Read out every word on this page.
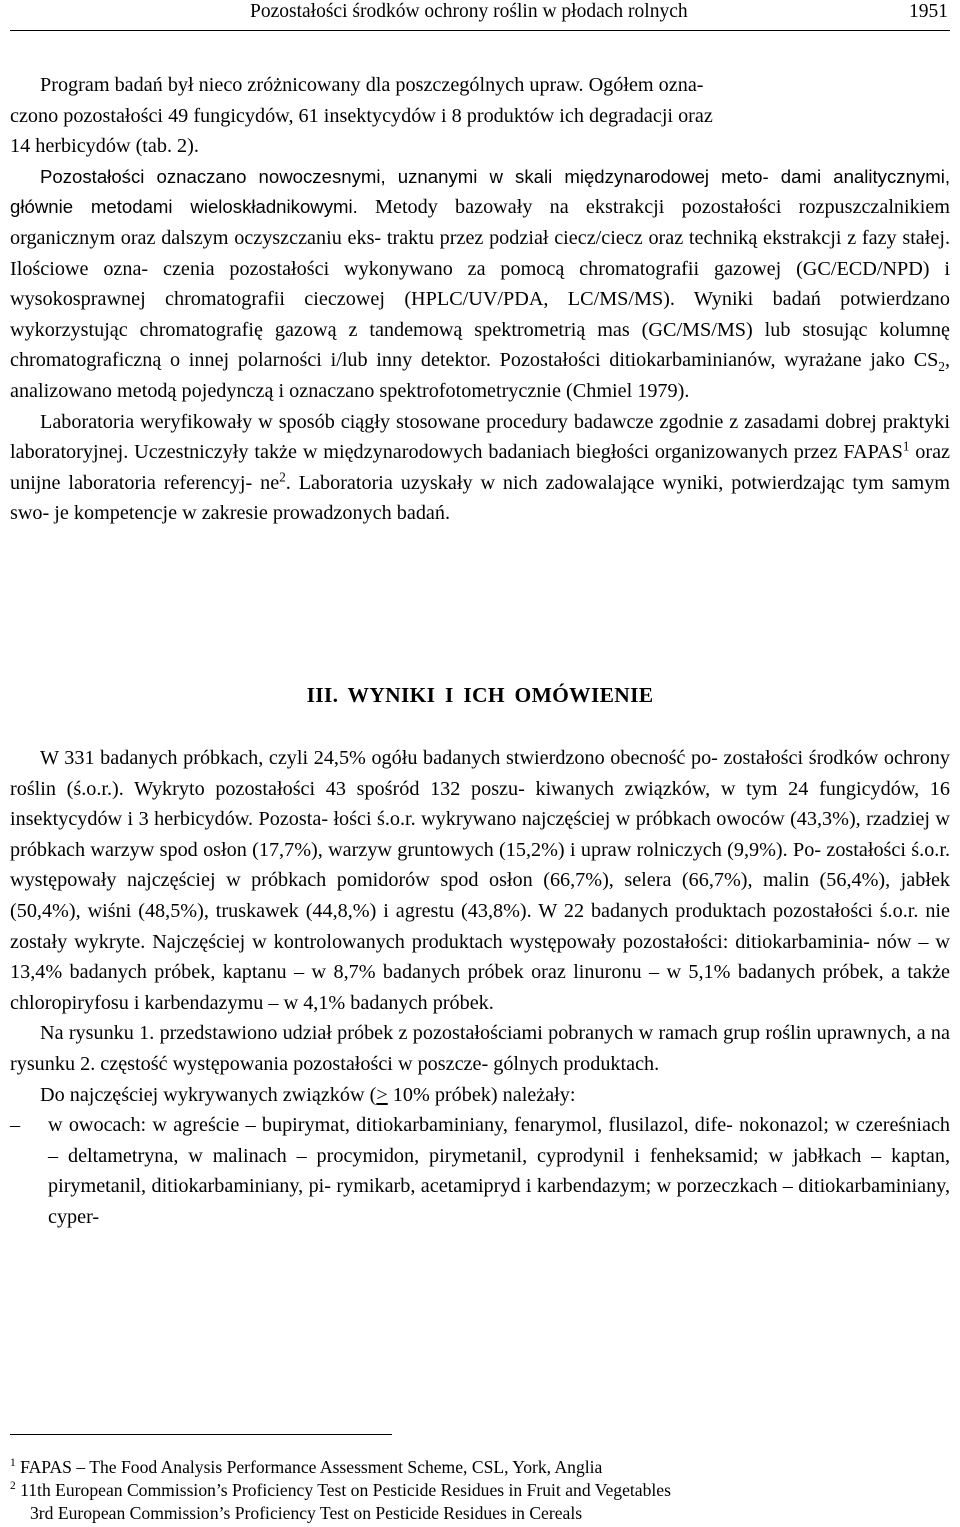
Pozostałości środków ochrony roślin w płodach rolnych	1951

Program badań był nieco zróżnicowany dla poszczególnych upraw. Ogółem ozna-
czono pozostałości 49 fungicydów, 61 insektycydów i 8 produktów ich degradacji oraz
14 herbicydów (tab. 2).

Pozostałości oznaczano nowoczesnymi, uznanymi w skali międzynarodowej meto- dami analitycznymi, głównie metodami wieloskładnikowymi. Metody bazowały na ekstrakcji pozostałości rozpuszczalnikiem organicznym oraz dalszym oczyszczaniu eks- traktu przez podział ciecz/ciecz oraz techniką ekstrakcji z fazy stałej. Ilościowe ozna- czenia pozostałości wykonywano za pomocą chromatografii gazowej (GC/ECD/NPD) i wysokosprawnej chromatografii cieczowej (HPLC/UV/PDA, LC/MS/MS). Wyniki badań potwierdzano wykorzystując chromatografię gazową z tandemową spektrometrią mas (GC/MS/MS) lub stosując kolumnę chromatograficzną o innej polarności i/lub inny detektor. Pozostałości ditiokarbaminianów, wyrażane jako $CS_2$, analizowano metodą pojedynczą i oznaczano spektrofotometrycznie (Chmiel 1979).

Laboratoria weryfikowały w sposób ciągły stosowane procedury badawcze zgodnie z zasadami dobrej praktyki laboratoryjnej. Uczestniczyły także w międzynarodowych badaniach biegłości organizowanych przez FAPAS$^1$ oraz unijne laboratoria referencyj- $ne^2$. Laboratoria uzyskały w nich zadowalające wyniki, potwierdzając tym samym swo- je kompetencje w zakresie prowadzonych badań.

III. WYNIKI I ICH OMÓWIENIE

W 331 badanych próbkach, czyli 24,5% ogółu badanych stwierdzono obecność po- zostałości środków ochrony roślin (ś.o.r.). Wykryto pozostałości 43 spośród 132 poszu- kiwanych związków, w tym 24 fungicydów, 16 insektycydów i 3 herbicydów. Pozosta- łości ś.o.r. wykrywano najczęściej w próbkach owoców (43,3%), rzadziej w próbkach warzyw spod osłon (17,7%), warzyw gruntowych (15,2%) i upraw rolniczych (9,9%). Po- zostałości ś.o.r. występowały najczęściej w próbkach pomidorów spod osłon (66,7%), selera (66,7%), malin (56,4%), jabłek (50,4%), wiśni (48,5%), truskawek (44,8,%) i agrestu (43,8%). W 22 badanych produktach pozostałości ś.o.r. nie zostały wykryte. Najczęściej w kontrolowanych produktach występowały pozostałości: ditiokarbaminia- nów – w 13,4% badanych próbek, kaptanu – w 8,7% badanych próbek oraz linuronu – w 5,1% badanych próbek, a także chloropiryfosu i karbendazymu – w 4,1% badanych próbek.

Na rysunku 1. przedstawiono udział próbek z pozostałościami pobranych w ramach grup roślin uprawnych, a na rysunku 2. częstość występowania pozostałości w poszcze- gólnych produktach.

Do najczęściej wykrywanych związków (≥ 10% próbek) należały:

– w owocach: w agreście – bupirymat, ditiokarbaminiany, fenarymol, flusilazol, dife- nokonazol; w czereśniach – deltametryna, w malinach – procymidon, pirymetanil, cyprodynil i fenheksamid; w jabłkach – kaptan, pirymetanil, ditiokarbaminiany, pi- rymikarb, acetamipryd i karbendazym; w porzeczkach – ditiokarbaminiany, cyper-

$^1$ FAPAS – The Food Analysis Performance Assessment Scheme, CSL, York, Anglia
$^2$ 11th European Commission’s Proficiency Test on Pesticide Residues in Fruit and Vegetables
3rd European Commission’s Proficiency Test on Pesticide Residues in Cereals
